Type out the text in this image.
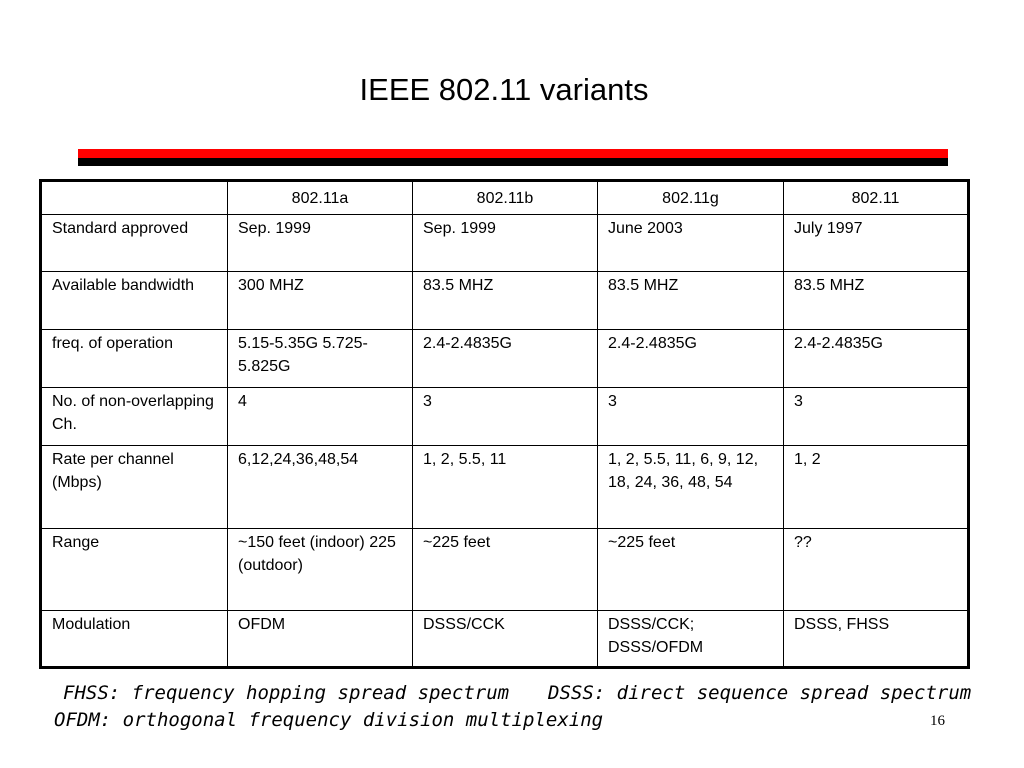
IEEE 802.11 variants
	802.11a	802.11b	802.11g	802.11
Standard approved	Sep. 1999	Sep. 1999	June 2003	July 1997
Available bandwidth	300 MHZ	83.5 MHZ	83.5 MHZ	83.5 MHZ
freq. of operation	5.15-5.35G 5.725-5.825G	2.4-2.4835G	2.4-2.4835G	2.4-2.4835G
No. of non-overlapping Ch.	4	3	3	3
Rate per channel (Mbps)	6,12,24,36,48,54	1, 2, 5.5, 11	1, 2, 5.5, 11, 6, 9, 12, 18, 24, 36, 48, 54	1, 2
Range	~150 feet (indoor) 225 (outdoor)	~225 feet	~225 feet	??
Modulation	OFDM	DSSS/CCK	DSSS/CCK; DSSS/OFDM	DSSS, FHSS
FHSS: frequency hopping spread spectrum DSSS: direct sequence spread spectrum
OFDM: orthogonal frequency division multiplexing	16
